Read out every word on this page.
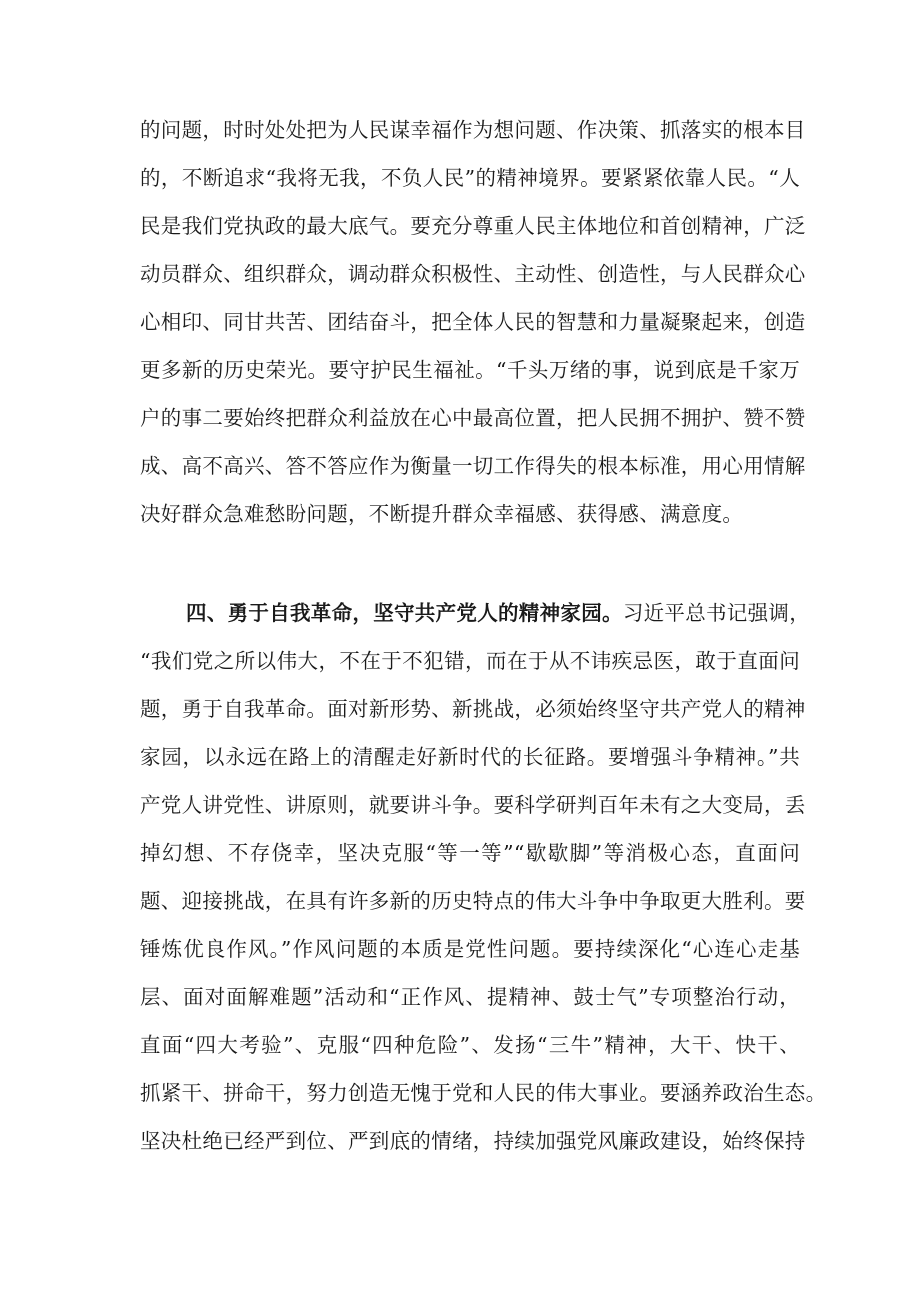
的问题，时时处处把为人民谋幸福作为想问题、作决策、抓落实的根本目
的，不断追求“我将无我，不负人民”的精神境界。要紧紧依靠人民。“人
民是我们党执政的最大底气。要充分尊重人民主体地位和首创精神，广泛
动员群众、组织群众，调动群众积极性、主动性、创造性，与人民群众心
心相印、同甘共苦、团结奋斗，把全体人民的智慧和力量凝聚起来，创造
更多新的历史荣光。要守护民生福祉。“千头万绪的事，说到底是千家万
户的事二要始终把群众利益放在心中最高位置，把人民拥不拥护、赞不赞
成、高不高兴、答不答应作为衡量一切工作得失的根本标准，用心用情解
决好群众急难愁盼问题，不断提升群众幸福感、获得感、满意度。
四、勇于自我革命，坚守共产党人的精神家园。习近平总书记强调，
“我们党之所以伟大，不在于不犯错，而在于从不讳疾忌医，敢于直面问
题，勇于自我革命。面对新形势、新挑战，必须始终坚守共产党人的精神
家园，以永远在路上的清醒走好新时代的长征路。要增强斗争精神。”共
产党人讲党性、讲原则，就要讲斗争。要科学研判百年未有之大变局，丢
掉幻想、不存侥幸，坚决克服“等一等”“歇歇脚”等消极心态，直面问
题、迎接挑战，在具有许多新的历史特点的伟大斗争中争取更大胜利。要
锤炼优良作风。”作风问题的本质是党性问题。要持续深化“心连心走基
层、面对面解难题”活动和“正作风、提精神、鼓士气”专项整治行动，
直面“四大考验”、克服“四种危险”、发扬“三牛”精神，大干、快干、
抓紧干、拼命干，努力创造无愧于党和人民的伟大事业。要涵养政治生态。
坚决杜绝已经严到位、严到底的情绪，持续加强党风廉政建设，始终保持
